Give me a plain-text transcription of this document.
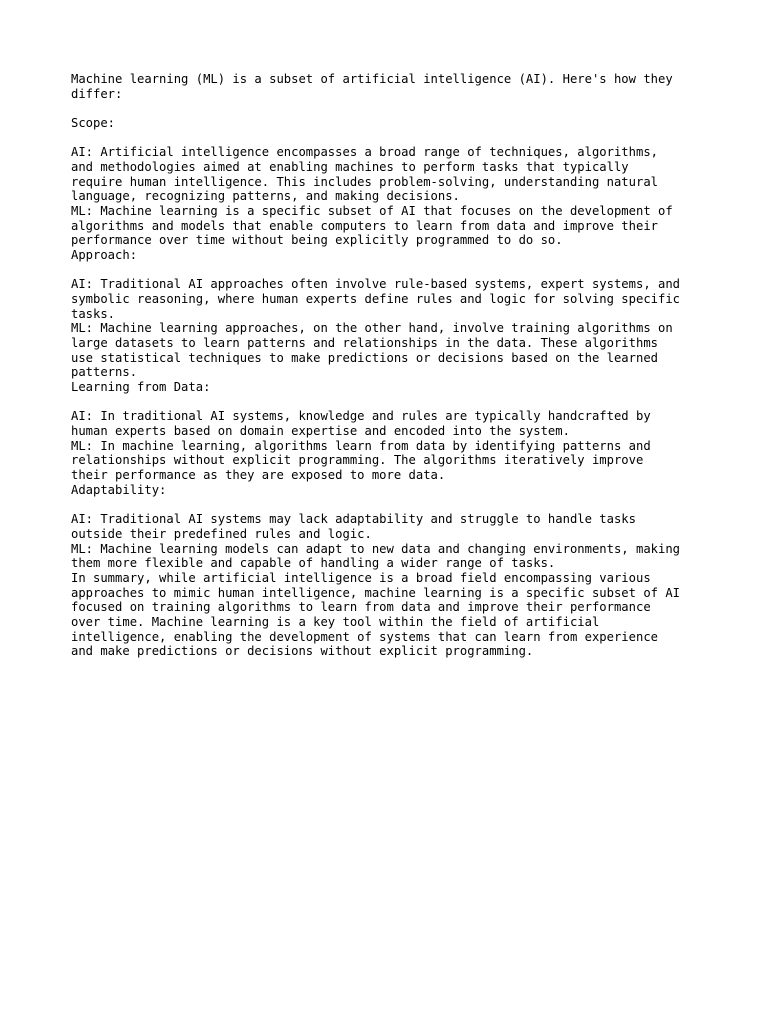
Machine learning (ML) is a subset of artificial intelligence (AI). Here's how they
differ:

Scope:

AI: Artificial intelligence encompasses a broad range of techniques, algorithms,
and methodologies aimed at enabling machines to perform tasks that typically
require human intelligence. This includes problem-solving, understanding natural
language, recognizing patterns, and making decisions.
ML: Machine learning is a specific subset of AI that focuses on the development of
algorithms and models that enable computers to learn from data and improve their
performance over time without being explicitly programmed to do so.
Approach:

AI: Traditional AI approaches often involve rule-based systems, expert systems, and
symbolic reasoning, where human experts define rules and logic for solving specific
tasks.
ML: Machine learning approaches, on the other hand, involve training algorithms on
large datasets to learn patterns and relationships in the data. These algorithms
use statistical techniques to make predictions or decisions based on the learned
patterns.
Learning from Data:

AI: In traditional AI systems, knowledge and rules are typically handcrafted by
human experts based on domain expertise and encoded into the system.
ML: In machine learning, algorithms learn from data by identifying patterns and
relationships without explicit programming. The algorithms iteratively improve
their performance as they are exposed to more data.
Adaptability:

AI: Traditional AI systems may lack adaptability and struggle to handle tasks
outside their predefined rules and logic.
ML: Machine learning models can adapt to new data and changing environments, making
them more flexible and capable of handling a wider range of tasks.
In summary, while artificial intelligence is a broad field encompassing various
approaches to mimic human intelligence, machine learning is a specific subset of AI
focused on training algorithms to learn from data and improve their performance
over time. Machine learning is a key tool within the field of artificial
intelligence, enabling the development of systems that can learn from experience
and make predictions or decisions without explicit programming.
